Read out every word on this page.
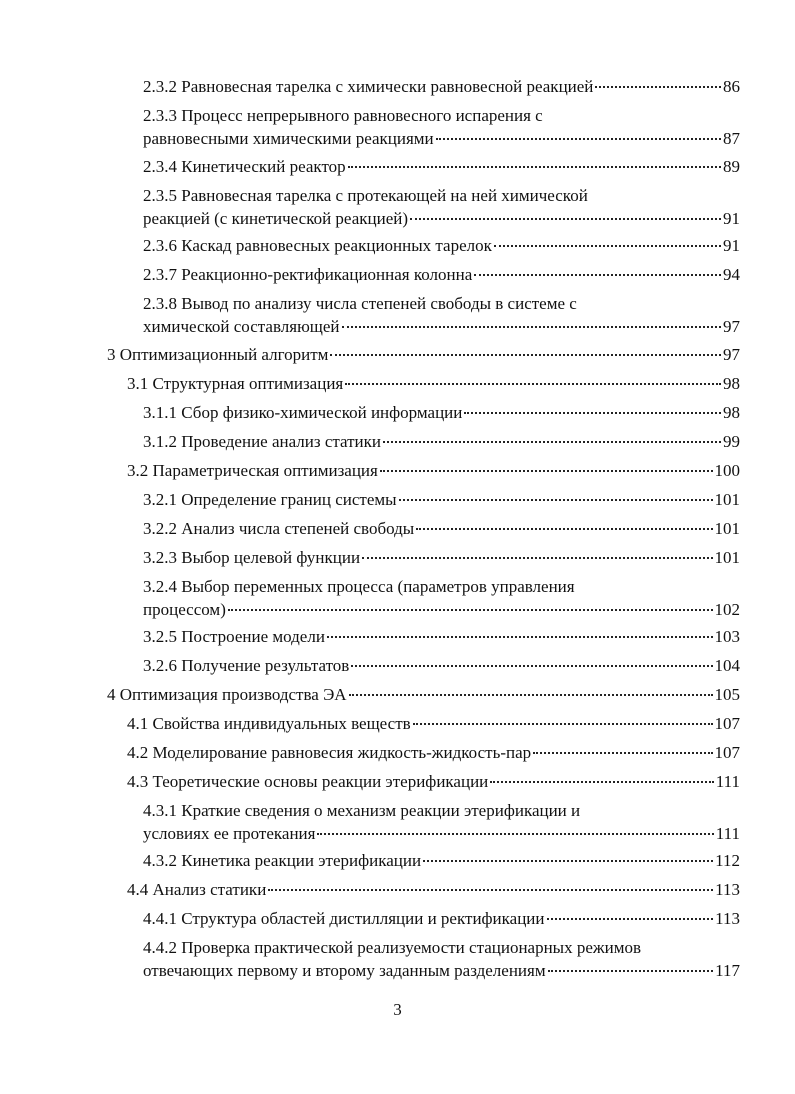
2.3.2 Равновесная тарелка с химически равновесной реакцией	86
2.3.3 Процесс непрерывного равновесного испарения с
равновесными химическими реакциями	87
2.3.4 Кинетический реактор	89
2.3.5 Равновесная тарелка с протекающей на ней химической
реакцией (с кинетической реакцией)	91
2.3.6 Каскад равновесных реакционных тарелок	91
2.3.7 Реакционно-ректификационная колонна	94
2.3.8 Вывод по анализу числа степеней свободы в системе с
химической составляющей	97
3 Оптимизационный алгоритм	97
3.1 Структурная оптимизация	98
3.1.1 Сбор физико-химической информации	98
3.1.2 Проведение анализ статики	99
3.2 Параметрическая оптимизация	100
3.2.1 Определение границ системы	101
3.2.2 Анализ числа степеней свободы	101
3.2.3 Выбор целевой функции	101
3.2.4 Выбор переменных процесса (параметров управления
процессом)	102
3.2.5 Построение модели	103
3.2.6 Получение результатов	104
4 Оптимизация производства ЭА	105
4.1 Свойства индивидуальных веществ	107
4.2 Моделирование равновесия жидкость-жидкость-пар	107
4.3 Теоретические основы реакции этерификации	111
4.3.1 Краткие сведения о механизм реакции этерификации и
условиях ее протекания	111
4.3.2 Кинетика реакции этерификации	112
4.4 Анализ статики	113
4.4.1 Структура областей дистилляции и ректификации	113
4.4.2 Проверка практической реализуемости стационарных режимов
отвечающих первому и второму заданным разделениям	117
3
